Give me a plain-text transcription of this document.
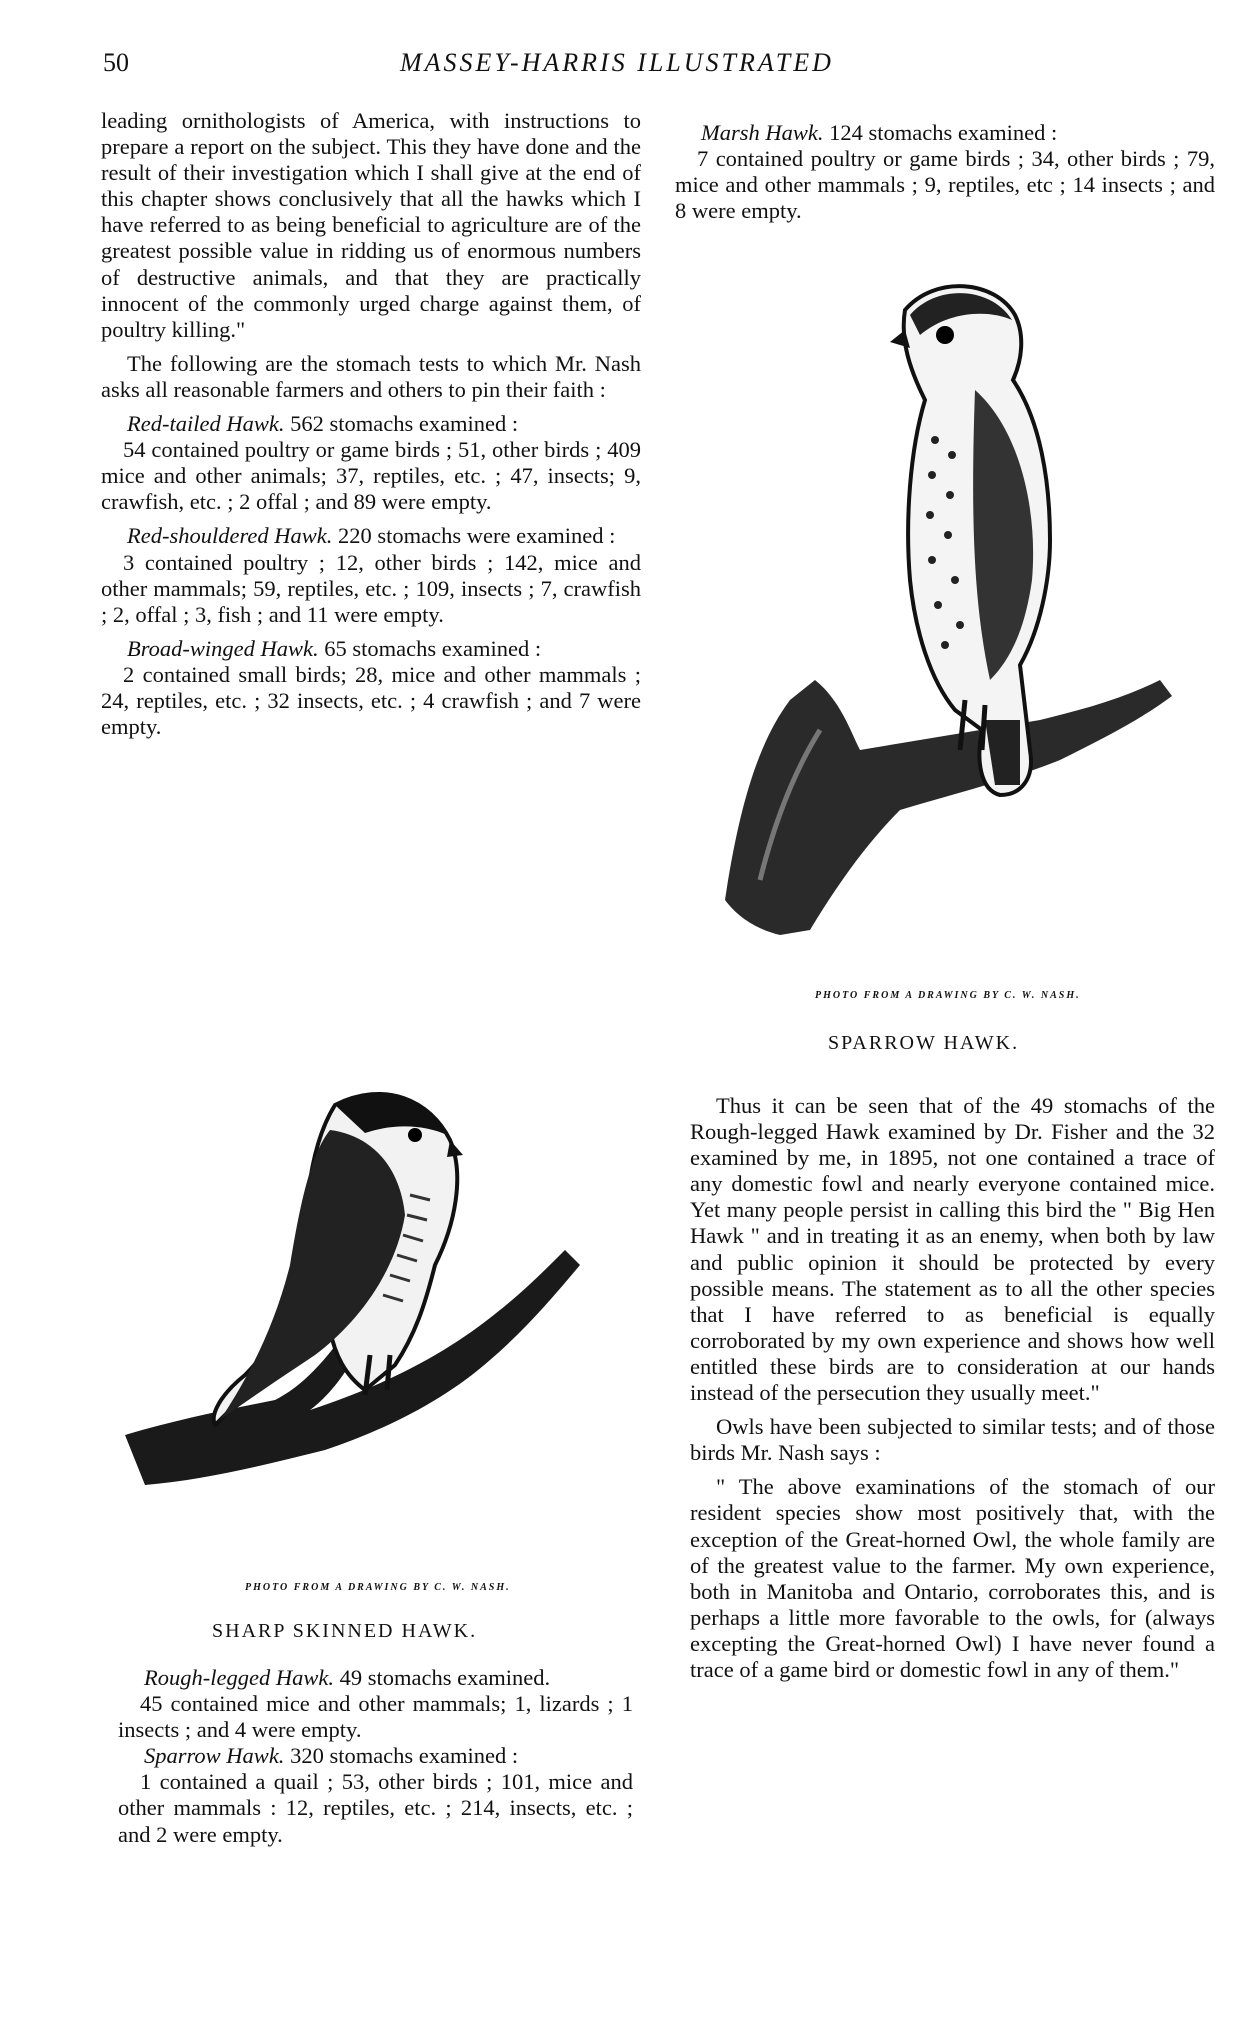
50	MASSEY-HARRIS ILLUSTRATED

leading ornithologists of America, with instructions to prepare a report on the subject. This they have done and the result of their investigation which I shall give at the end of this chapter shows conclusively that all the hawks which I have referred to as being beneficial to agriculture are of the greatest possible value in ridding us of enormous numbers of destructive animals, and that they are practically innocent of the commonly urged charge against them, of poultry killing."

The following are the stomach tests to which Mr. Nash asks all reasonable farmers and others to pin their faith :

Red-tailed Hawk. 562 stomachs examined :

54 contained poultry or game birds ; 51, other birds ; 409 mice and other animals; 37, reptiles, etc. ; 47, insects; 9, crawfish, etc. ; 2 offal ; and 89 were empty.

Red-shouldered Hawk. 220 stomachs were examined :

3 contained poultry ; 12, other birds ; 142, mice and other mammals; 59, reptiles, etc. ; 109, insects ; 7, crawfish ; 2, offal ; 3, fish ; and 11 were empty.

Broad-winged Hawk. 65 stomachs examined :

2 contained small birds; 28, mice and other mammals ; 24, reptiles, etc. ; 32 insects, etc. ; 4 crawfish ; and 7 were empty.

Marsh Hawk. 124 stomachs examined :

7 contained poultry or game birds ; 34, other birds ; 79, mice and other mammals ; 9, reptiles, etc ; 14 insects ; and 8 were empty.

PHOTO FROM A DRAWING BY C. W. NASH.
SPARROW HAWK.
PHOTO FROM A DRAWING BY C. W. NASH.
SHARP SKINNED HAWK.

Thus it can be seen that of the 49 stomachs of the Rough-legged Hawk examined by Dr. Fisher and the 32 examined by me, in 1895, not one contained a trace of any domestic fowl and nearly everyone contained mice. Yet many people persist in calling this bird the " Big Hen Hawk " and in treating it as an enemy, when both by law and public opinion it should be protected by every possible means. The statement as to all the other species that I have referred to as beneficial is equally corroborated by my own experience and shows how well entitled these birds are to consideration at our hands instead of the persecution they usually meet."

Owls have been subjected to similar tests; and of those birds Mr. Nash says :

" The above examinations of the stomach of our resident species show most positively that, with the exception of the Great-horned Owl, the whole family are of the greatest value to the farmer. My own experience, both in Manitoba and Ontario, corroborates this, and is perhaps a little more favorable to the owls, for (always excepting the Great-horned Owl) I have never found a trace of a game bird or domestic fowl in any of them."

Rough-legged Hawk. 49 stomachs examined.

45 contained mice and other mammals; 1, lizards ; 1 insects ; and 4 were empty.

Sparrow Hawk. 320 stomachs examined :

1 contained a quail ; 53, other birds ; 101, mice and other mammals : 12, reptiles, etc. ; 214, insects, etc. ; and 2 were empty.
